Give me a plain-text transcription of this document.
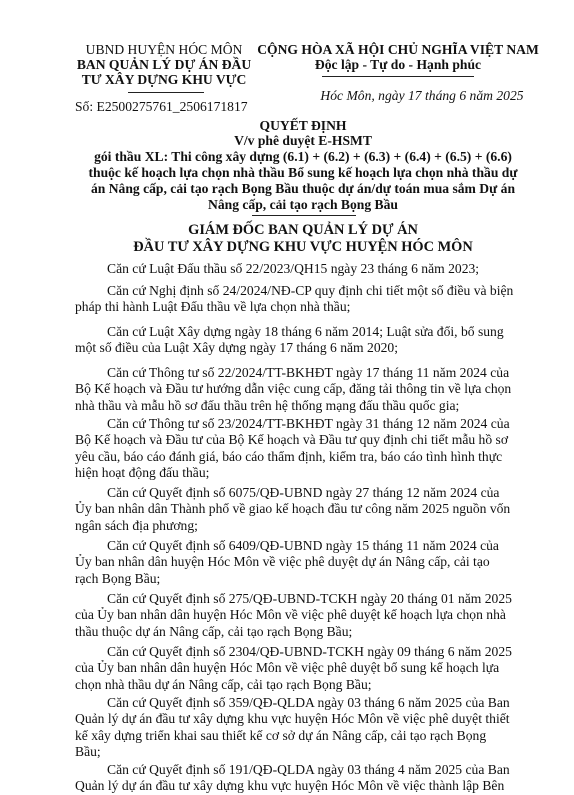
UBND HUYỆN HÓC MÔN
BAN QUẢN LÝ DỰ ÁN ĐẦU
TƯ XÂY DỰNG KHU VỰC
Số: E2500275761_2506171817
CỘNG HÒA XÃ HỘI CHỦ NGHĨA VIỆT NAM
Độc lập - Tự do - Hạnh phúc
Hóc Môn, ngày 17 tháng 6 năm 2025
QUYẾT ĐỊNH
V/v phê duyệt E-HSMT
gói thầu XL: Thi công xây dựng (6.1) + (6.2) + (6.3) + (6.4) + (6.5) + (6.6)
thuộc kế hoạch lựa chọn nhà thầu Bổ sung kế hoạch lựa chọn nhà thầu dự
án Nâng cấp, cải tạo rạch Bọng Bầu thuộc dự án/dự toán mua sắm Dự án
Nâng cấp, cải tạo rạch Bọng Bầu
GIÁM ĐỐC BAN QUẢN LÝ DỰ ÁN
ĐẦU TƯ XÂY DỰNG KHU VỰC HUYỆN HÓC MÔN
Căn cứ Luật Đấu thầu số 22/2023/QH15 ngày 23 tháng 6 năm 2023;
Căn cứ Nghị định số 24/2024/NĐ-CP quy định chi tiết một số điều và biện
pháp thi hành Luật Đấu thầu về lựa chọn nhà thầu;
Căn cứ Luật Xây dựng ngày 18 tháng 6 năm 2014; Luật sửa đổi, bổ sung
một số điều của Luật Xây dựng ngày 17 tháng 6 năm 2020;
Căn cứ Thông tư số 22/2024/TT-BKHĐT ngày 17 tháng 11 năm 2024 của
Bộ Kế hoạch và Đầu tư hướng dẫn việc cung cấp, đăng tải thông tin về lựa chọn
nhà thầu và mẫu hồ sơ đấu thầu trên hệ thống mạng đấu thầu quốc gia;
Căn cứ Thông tư số 23/2024/TT-BKHĐT ngày 31 tháng 12 năm 2024 của
Bộ Kế hoạch và Đầu tư của Bộ Kế hoạch và Đầu tư quy định chi tiết mẫu hồ sơ
yêu cầu, báo cáo đánh giá, báo cáo thẩm định, kiểm tra, báo cáo tình hình thực
hiện hoạt động đấu thầu;
Căn cứ Quyết định số 6075/QĐ-UBND ngày 27 tháng 12 năm 2024 của
Ủy ban nhân dân Thành phố về giao kế hoạch đầu tư công năm 2025 nguồn vốn
ngân sách địa phương;
Căn cứ Quyết định số 6409/QĐ-UBND ngày 15 tháng 11 năm 2024 của
Ủy ban nhân dân huyện Hóc Môn về việc phê duyệt dự án Nâng cấp, cải tạo
rạch Bọng Bầu;
Căn cứ Quyết định số 275/QĐ-UBND-TCKH ngày 20 tháng 01 năm 2025
của Ủy ban nhân dân huyện Hóc Môn về việc phê duyệt kế hoạch lựa chọn nhà
thầu thuộc dự án Nâng cấp, cải tạo rạch Bọng Bầu;
Căn cứ Quyết định số 2304/QĐ-UBND-TCKH ngày 09 tháng 6 năm 2025
của Ủy ban nhân dân huyện Hóc Môn về việc phê duyệt bổ sung kế hoạch lựa
chọn nhà thầu dự án Nâng cấp, cải tạo rạch Bọng Bầu;
Căn cứ Quyết định số 359/QĐ-QLDA ngày 03 tháng 6 năm 2025 của Ban
Quản lý dự án đầu tư xây dựng khu vực huyện Hóc Môn về việc phê duyệt thiết
kế xây dựng triển khai sau thiết kế cơ sở dự án Nâng cấp, cải tạo rạch Bọng
Bầu;
Căn cứ Quyết định số 191/QĐ-QLDA ngày 03 tháng 4 năm 2025 của Ban
Quản lý dự án đầu tư xây dựng khu vực huyện Hóc Môn về việc thành lập Bên
